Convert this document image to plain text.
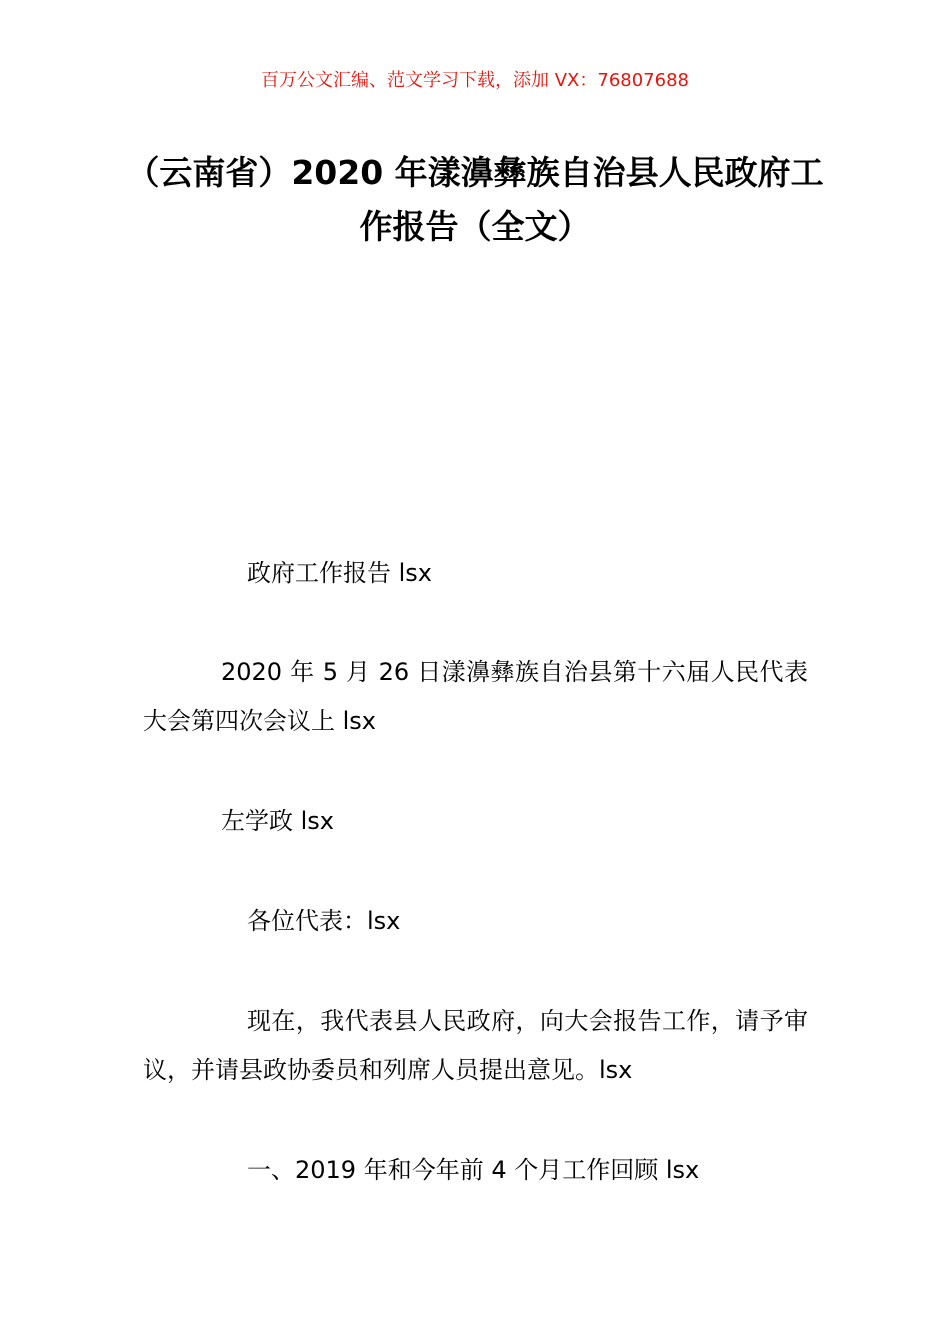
百万公文汇编、范文学习下载，添加 VX：76807688
（云南省）2020 年漾濞彝族自治县人民政府工作报告（全文）
政府工作报告 lsx
2020 年 5 月 26 日漾濞彝族自治县第十六届人民代表大会第四次会议上 lsx
左学政 lsx
各位代表：lsx
现在，我代表县人民政府，向大会报告工作，请予审议，并请县政协委员和列席人员提出意见。lsx
一、2019 年和今年前 4 个月工作回顾 lsx
